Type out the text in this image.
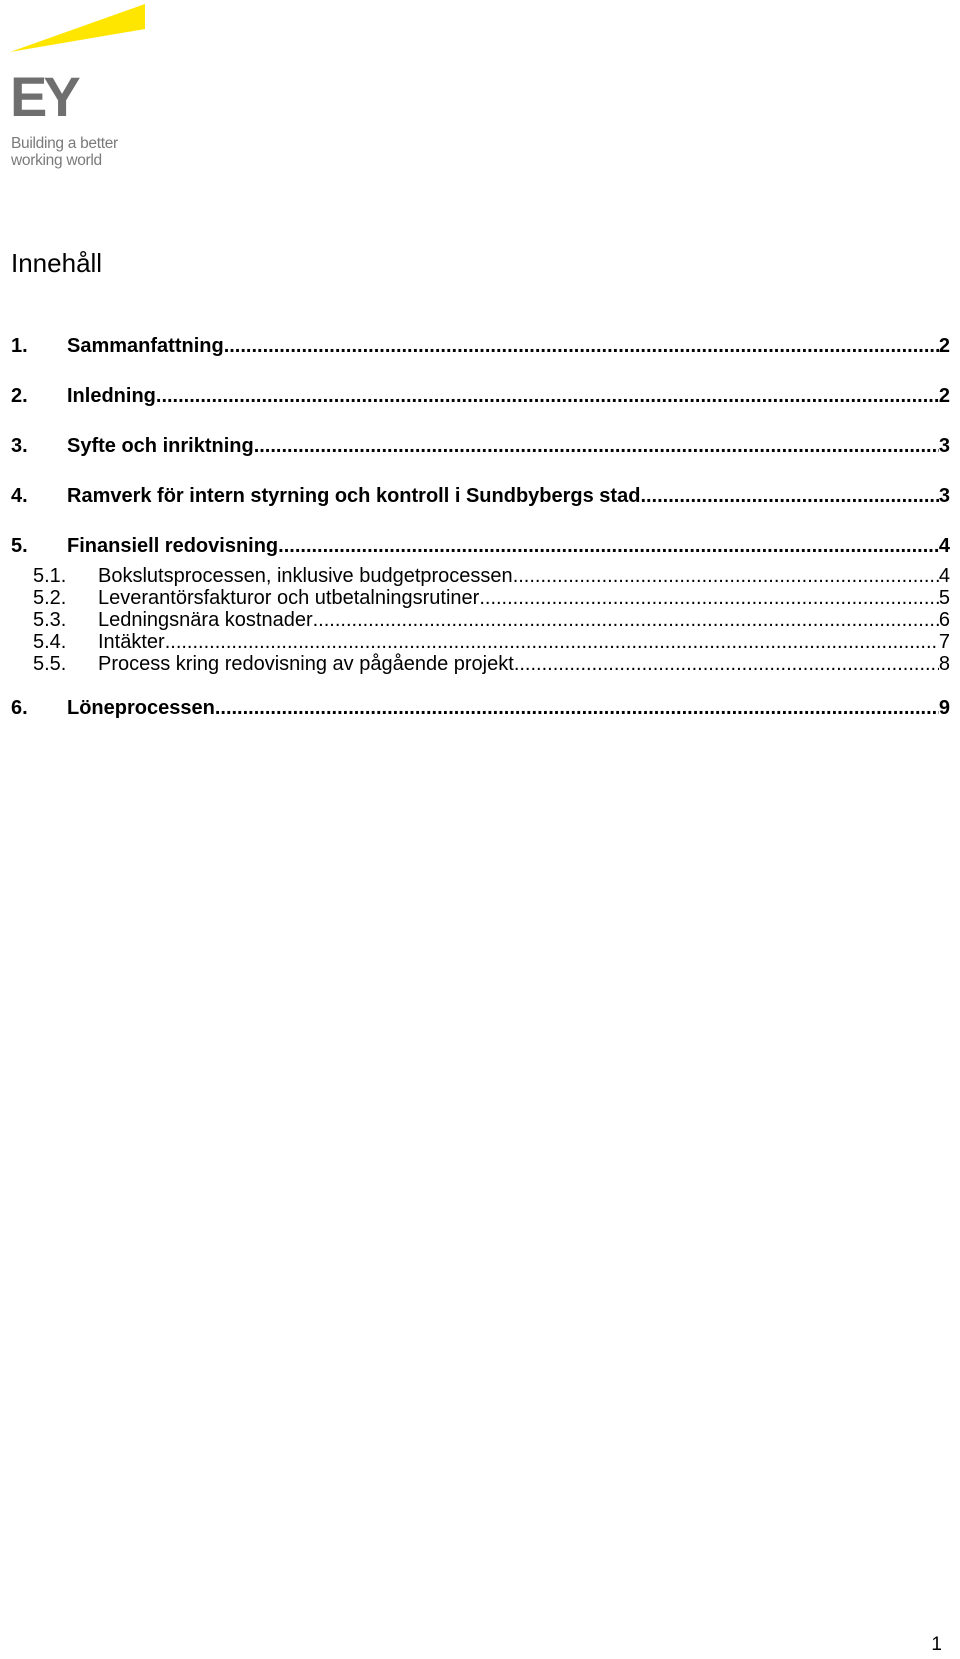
EY
Building a better
working world
Innehåll
1.	Sammanfattning .....	2
2.	Inledning .....	2
3.	Syfte och inriktning .....	3
4.	Ramverk för intern styrning och kontroll i Sundbybergs stad .....	3
5.	Finansiell redovisning .....	4
5.1.	Bokslutsprocessen, inklusive budgetprocessen .....	4
5.2.	Leverantörsfakturor och utbetalningsrutiner .....	5
5.3.	Ledningsnära kostnader .....	6
5.4.	Intäkter .....	7
5.5.	Process kring redovisning av pågående projekt .....	8
6.	Löneprocessen .....	9
1
